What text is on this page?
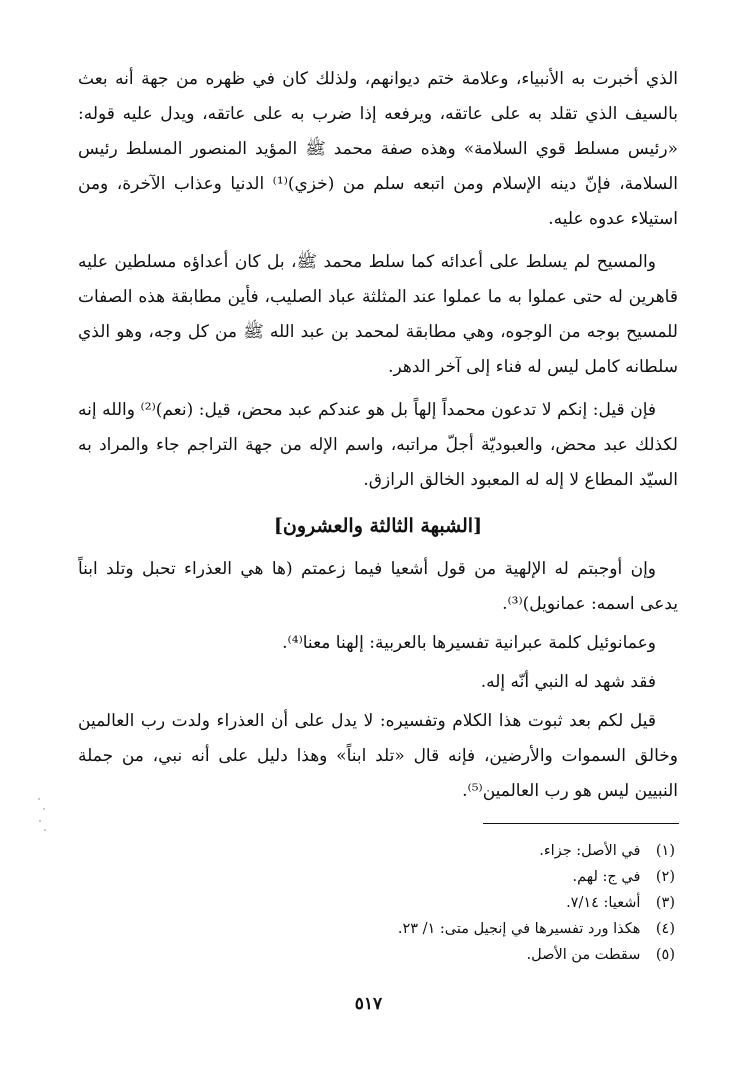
الذي أخبرت به الأنبياء، وعلامة ختم ديوانهم، ولذلك كان في ظهره من جهة أنه بعث بالسيف الذي تقلد به على عاتقه، ويرفعه إذا ضرب به على عاتقه، ويدل عليه قوله: «رئيس مسلط قوي السلامة» وهذه صفة محمد ﷺ المؤيد المنصور المسلط رئيس السلامة، فإنّ دينه الإسلام ومن اتبعه سلم من (خزي)⁽¹⁾ الدنيا وعذاب الآخرة، ومن استيلاء عدوه عليه.

والمسيح لم يسلط على أعدائه كما سلط محمد ﷺ، بل كان أعداؤه مسلطين عليه قاهرين له حتى عملوا به ما عملوا عند المثلثة عباد الصليب، فأين مطابقة هذه الصفات للمسيح بوجه من الوجوه، وهي مطابقة لمحمد بن عبد الله ﷺ من كل وجه، وهو الذي سلطانه كامل ليس له فناء إلى آخر الدهر.

فإن قيل: إنكم لا تدعون محمداً إلهاً بل هو عندكم عبد محض، قيل: (نعم)⁽²⁾ والله إنه لكذلك عبد محض، والعبوديّة أجلّ مراتبه، واسم الإله من جهة التراجم جاء والمراد به السيّد المطاع لا إله له المعبود الخالق الرازق.

[الشبهة الثالثة والعشرون]

وإن أوجبتم له الإلهية من قول أشعيا فيما زعمتم (ها هي العذراء تحبل وتلد ابناً يدعى اسمه: عمانويل)⁽³⁾.

وعمانوئيل كلمة عبرانية تفسيرها بالعربية: إلهنا معنا⁽⁴⁾.

فقد شهد له النبي أنّه إله.

قيل لكم بعد ثبوت هذا الكلام وتفسيره: لا يدل على أن العذراء ولدت رب العالمين وخالق السموات والأرضين، فإنه قال «تلد ابناً» وهذا دليل على أنه نبي، من جملة النبيين ليس هو رب العالمين⁽⁵⁾.

(١) في الأصل: جزاء.
(٢) في ج: لهم.
(٣) أشعيا: ٧/١٤.
(٤) هكذا ورد تفسيرها في إنجيل متى: ١/ ٢٣.
(٥) سقطت من الأصل.
٥١٧
